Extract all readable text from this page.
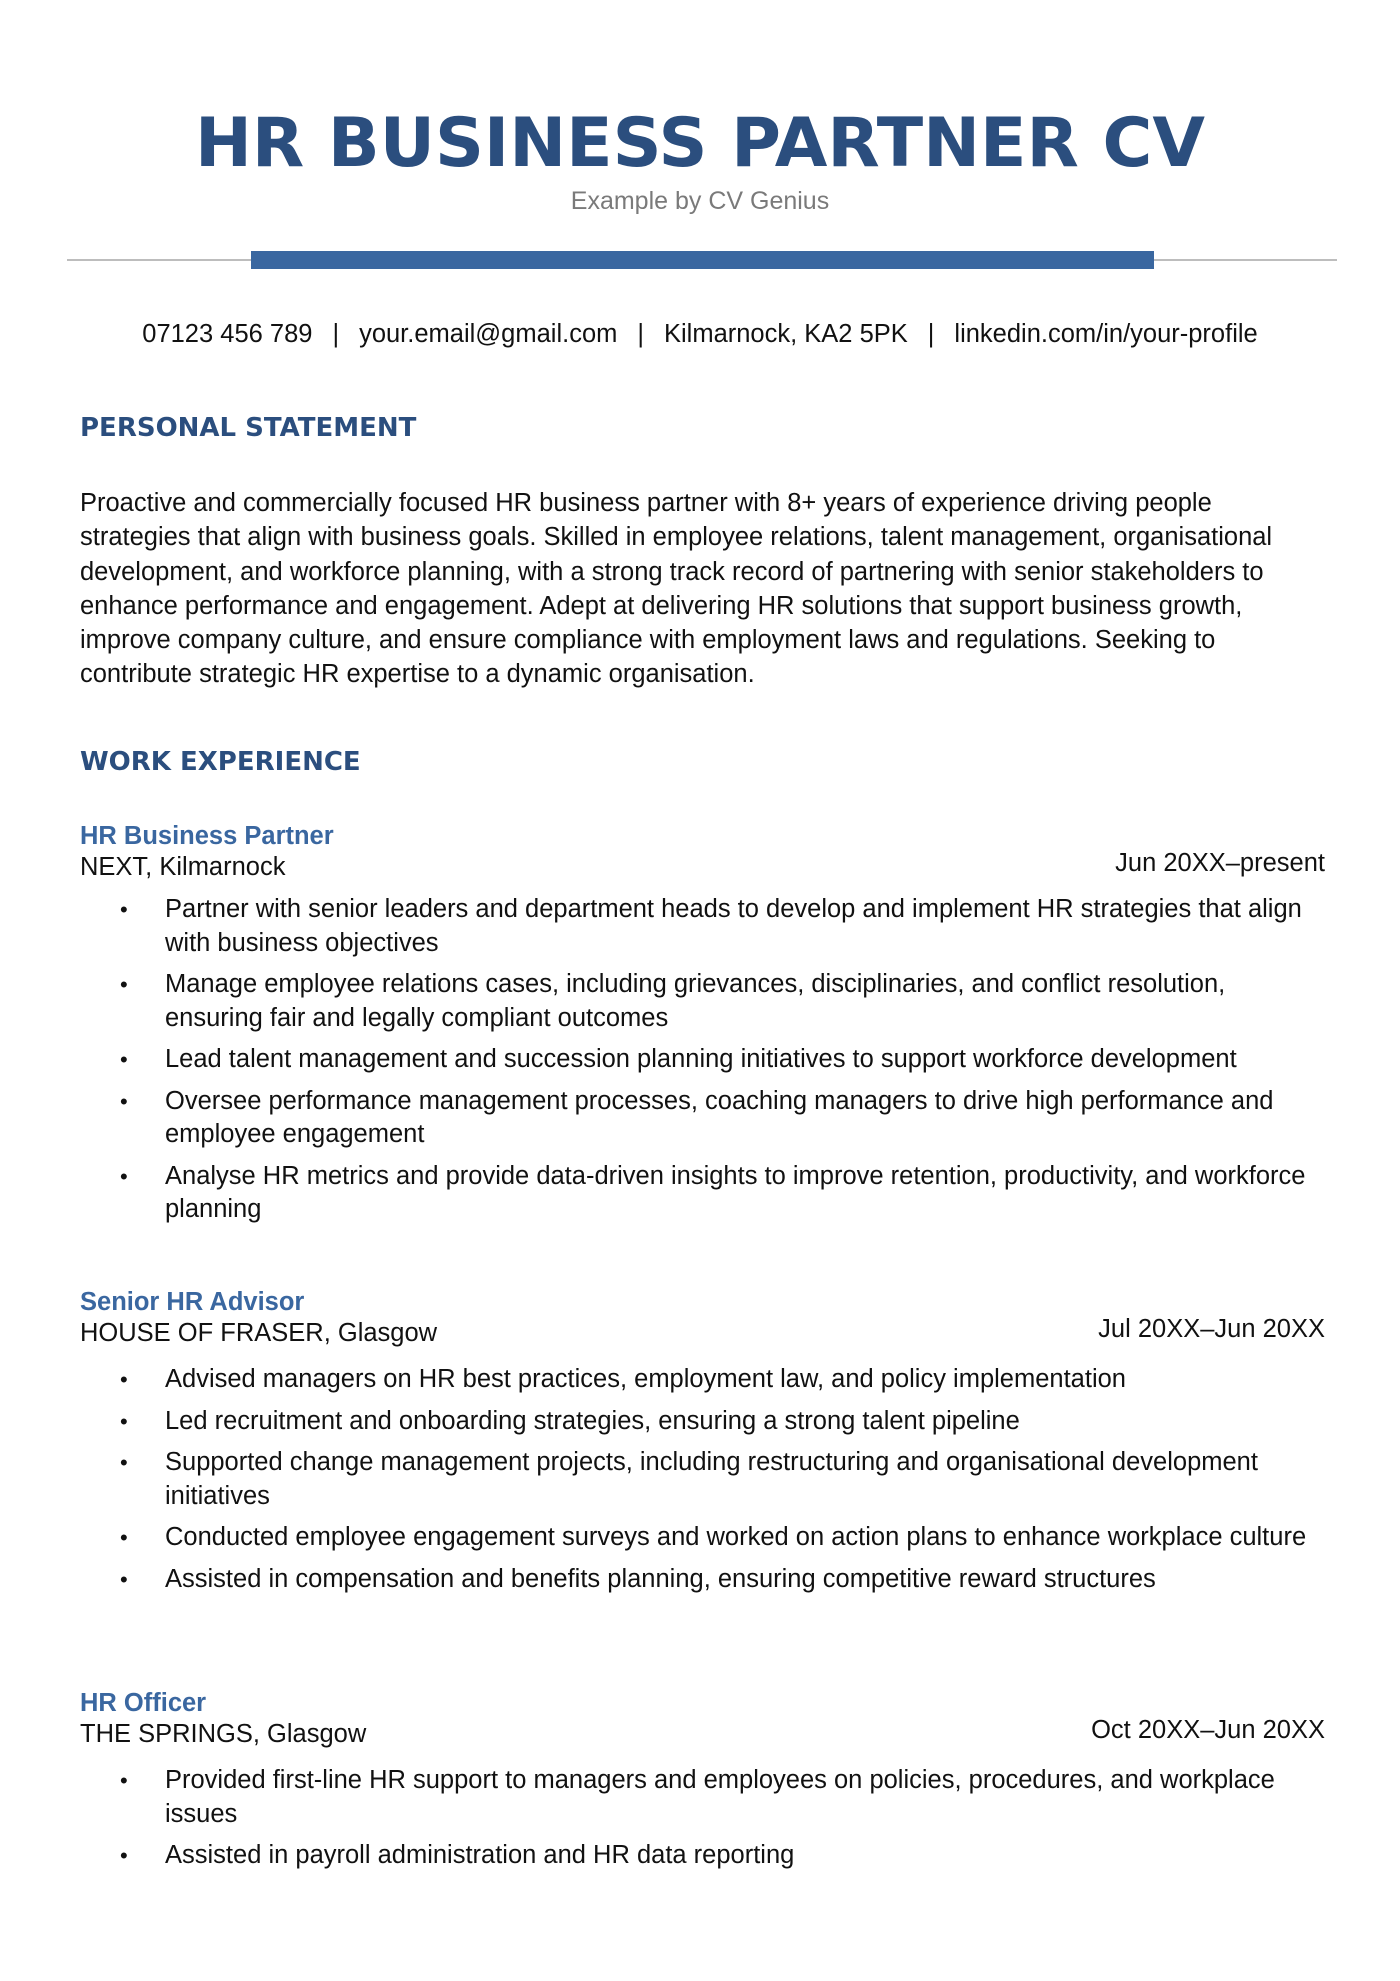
HR BUSINESS PARTNER CV
Example by CV Genius
07123 456 789 | your.email@gmail.com | Kilmarnock, KA2 5PK | linkedin.com/in/your-profile
PERSONAL STATEMENT

Proactive and commercially focused HR business partner with 8+ years of experience driving people strategies that align with business goals. Skilled in employee relations, talent management, organisational development, and workforce planning, with a strong track record of partnering with senior stakeholders to enhance performance and engagement. Adept at delivering HR solutions that support business growth, improve company culture, and ensure compliance with employment laws and regulations. Seeking to contribute strategic HR expertise to a dynamic organisation.

WORK EXPERIENCE
HR Business Partner
NEXT, Kilmarnock	Jun 20XX–present
• Partner with senior leaders and department heads to develop and implement HR strategies that align with business objectives
• Manage employee relations cases, including grievances, disciplinaries, and conflict resolution, ensuring fair and legally compliant outcomes
• Lead talent management and succession planning initiatives to support workforce development
• Oversee performance management processes, coaching managers to drive high performance and employee engagement
• Analyse HR metrics and provide data-driven insights to improve retention, productivity, and workforce planning
Senior HR Advisor
HOUSE OF FRASER, Glasgow	Jul 20XX–Jun 20XX
• Advised managers on HR best practices, employment law, and policy implementation
• Led recruitment and onboarding strategies, ensuring a strong talent pipeline
• Supported change management projects, including restructuring and organisational development initiatives
• Conducted employee engagement surveys and worked on action plans to enhance workplace culture
• Assisted in compensation and benefits planning, ensuring competitive reward structures
HR Officer
THE SPRINGS, Glasgow	Oct 20XX–Jun 20XX
• Provided first-line HR support to managers and employees on policies, procedures, and workplace issues
• Assisted in payroll administration and HR data reporting
